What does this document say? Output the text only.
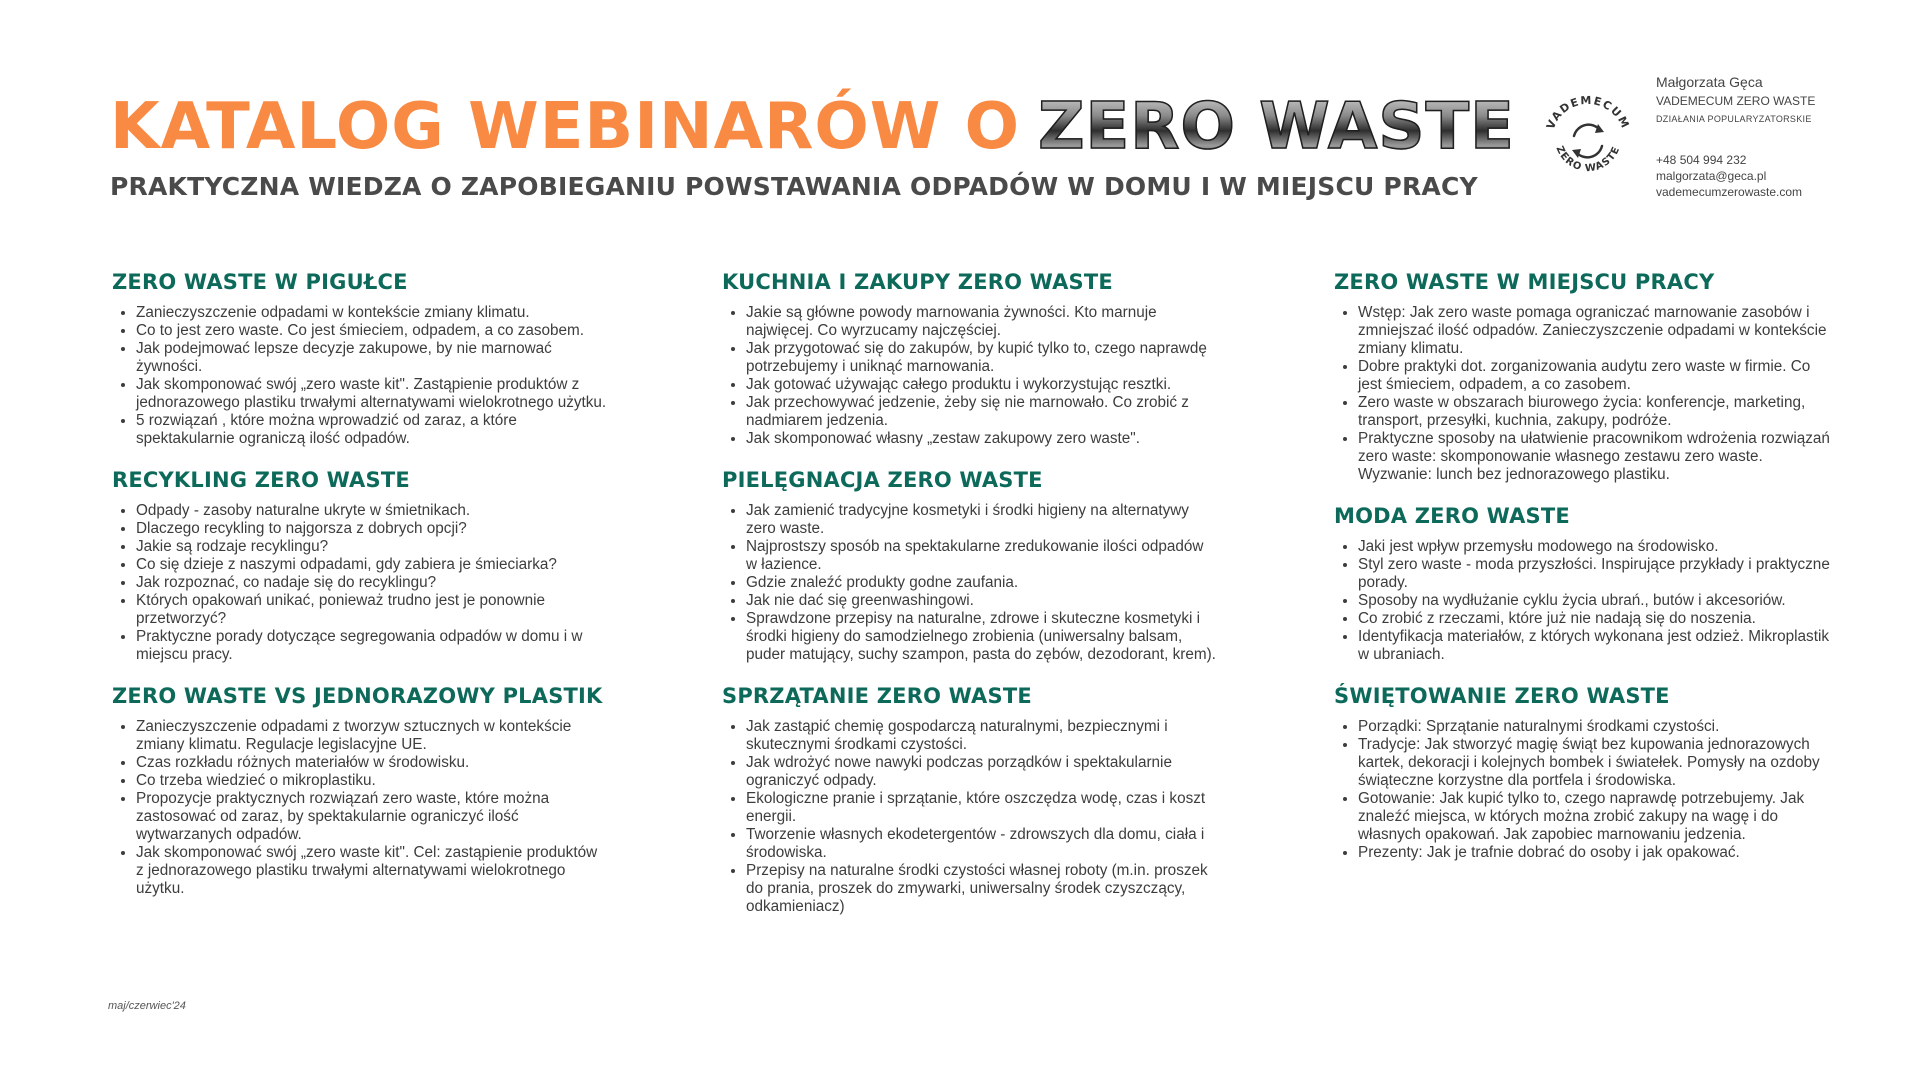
KATALOG WEBINARÓW O ZERO WASTE
PRAKTYCZNA WIEDZA O ZAPOBIEGANIU POWSTAWANIA ODPADÓW W DOMU I W MIEJSCU PRACY
VADEMECUM
ZERO WASTE
Małgorzata Gęca
VADEMECUM ZERO WASTE
DZIAŁANIA POPULARYZATORSKIE
+48 504 994 232
malgorzata@geca.pl
vademecumzerowaste.com
ZERO WASTE W PIGUŁCE
• Zanieczyszczenie odpadami w kontekście zmiany klimatu.
• Co to jest zero waste. Co jest śmieciem, odpadem, a co zasobem.
• Jak podejmować lepsze decyzje zakupowe, by nie marnować żywności.
• Jak skomponować swój „zero waste kit". Zastąpienie produktów z jednorazowego plastiku trwałymi alternatywami wielokrotnego użytku.
• 5 rozwiązań , które można wprowadzić od zaraz, a które spektakularnie ograniczą ilość odpadów.
RECYKLING ZERO WASTE
• Odpady - zasoby naturalne ukryte w śmietnikach.
• Dlaczego recykling to najgorsza z dobrych opcji?
• Jakie są rodzaje recyklingu?
• Co się dzieje z naszymi odpadami, gdy zabiera je śmieciarka?
• Jak rozpoznać, co nadaje się do recyklingu?
• Których opakowań unikać, ponieważ trudno jest je ponownie przetworzyć?
• Praktyczne porady dotyczące segregowania odpadów w domu i w miejscu pracy.
ZERO WASTE VS JEDNORAZOWY PLASTIK
• Zanieczyszczenie odpadami z tworzyw sztucznych w kontekście zmiany klimatu. Regulacje legislacyjne UE.
• Czas rozkładu różnych materiałów w środowisku.
• Co trzeba wiedzieć o mikroplastiku.
• Propozycje praktycznych rozwiązań zero waste, które można zastosować od zaraz, by spektakularnie ograniczyć ilość wytwarzanych odpadów.
• Jak skomponować swój „zero waste kit". Cel: zastąpienie produktów z jednorazowego plastiku trwałymi alternatywami wielokrotnego użytku.
KUCHNIA I ZAKUPY ZERO WASTE
• Jakie są główne powody marnowania żywności. Kto marnuje najwięcej. Co wyrzucamy najczęściej.
• Jak przygotować się do zakupów, by kupić tylko to, czego naprawdę potrzebujemy i uniknąć marnowania.
• Jak gotować używając całego produktu i wykorzystując resztki.
• Jak przechowywać jedzenie, żeby się nie marnowało. Co zrobić z nadmiarem jedzenia.
• Jak skomponować własny „zestaw zakupowy zero waste".
PIELĘGNACJA ZERO WASTE
• Jak zamienić tradycyjne kosmetyki i środki higieny na alternatywy zero waste.
• Najprostszy sposób na spektakularne zredukowanie ilości odpadów w łazience.
• Gdzie znaleźć produkty godne zaufania.
• Jak nie dać się greenwashingowi.
• Sprawdzone przepisy na naturalne, zdrowe i skuteczne kosmetyki i środki higieny do samodzielnego zrobienia (uniwersalny balsam, puder matujący, suchy szampon, pasta do zębów, dezodorant, krem).
SPRZĄTANIE ZERO WASTE
• Jak zastąpić chemię gospodarczą naturalnymi, bezpiecznymi i skutecznymi środkami czystości.
• Jak wdrożyć nowe nawyki podczas porządków i spektakularnie ograniczyć odpady.
• Ekologiczne pranie i sprzątanie, które oszczędza wodę, czas i koszt energii.
• Tworzenie własnych ekodetergentów - zdrowszych dla domu, ciała i środowiska.
• Przepisy na naturalne środki czystości własnej roboty (m.in. proszek do prania, proszek do zmywarki, uniwersalny środek czyszczący, odkamieniacz)
ZERO WASTE W MIEJSCU PRACY
• Wstęp: Jak zero waste pomaga ograniczać marnowanie zasobów i zmniejszać ilość odpadów. Zanieczyszczenie odpadami w kontekście zmiany klimatu.
• Dobre praktyki dot. zorganizowania audytu zero waste w firmie. Co jest śmieciem, odpadem, a co zasobem.
• Zero waste w obszarach biurowego życia: konferencje, marketing, transport, przesyłki, kuchnia, zakupy, podróże.
• Praktyczne sposoby na ułatwienie pracownikom wdrożenia rozwiązań zero waste: skomponowanie własnego zestawu zero waste. Wyzwanie: lunch bez jednorazowego plastiku.
MODA ZERO WASTE
• Jaki jest wpływ przemysłu modowego na środowisko.
• Styl zero waste - moda przyszłości. Inspirujące przykłady i praktyczne porady.
• Sposoby na wydłużanie cyklu życia ubrań., butów i akcesoriów.
• Co zrobić z rzeczami, które już nie nadają się do noszenia.
• Identyfikacja materiałów, z których wykonana jest odzież. Mikroplastik w ubraniach.
ŚWIĘTOWANIE ZERO WASTE
• Porządki: Sprzątanie naturalnymi środkami czystości.
• Tradycje: Jak stworzyć magię świąt bez kupowania jednorazowych kartek, dekoracji i kolejnych bombek i światełek. Pomysły na ozdoby świąteczne korzystne dla portfela i środowiska.
• Gotowanie: Jak kupić tylko to, czego naprawdę potrzebujemy. Jak znaleźć miejsca, w których można zrobić zakupy na wagę i do własnych opakowań. Jak zapobiec marnowaniu jedzenia.
• Prezenty: Jak je trafnie dobrać do osoby i jak opakować.
maj/czerwiec'24
